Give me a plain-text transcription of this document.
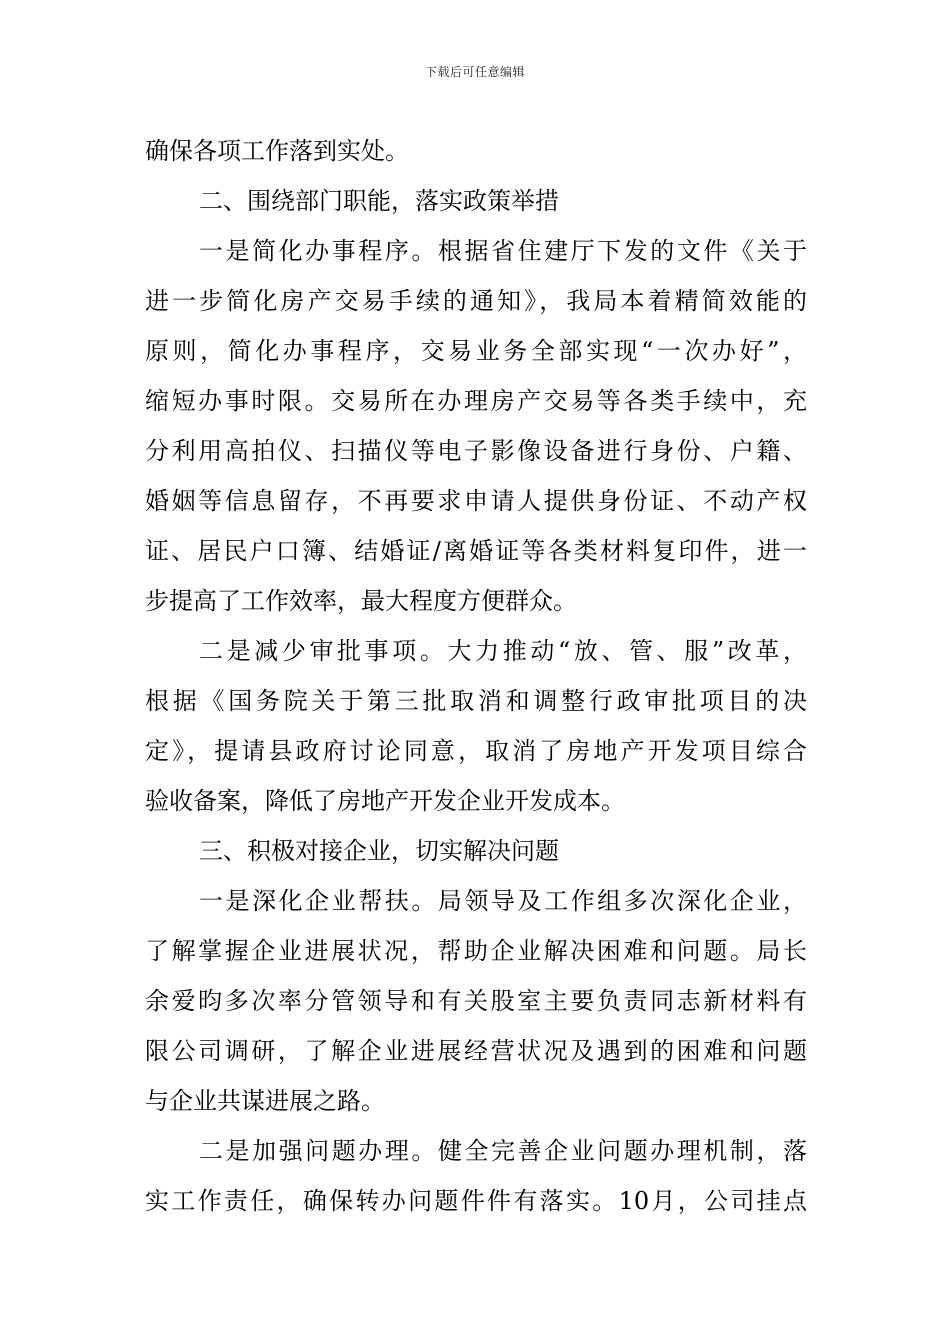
下载后可任意编辑
确保各项工作落到实处。
二、围绕部门职能，落实政策举措
一是简化办事程序。根据省住建厅下发的文件《关于
进一步简化房产交易手续的通知》，我局本着精简效能的
原则，简化办事程序，交易业务全部实现“一次办好”，
缩短办事时限。交易所在办理房产交易等各类手续中，充
分利用高拍仪、扫描仪等电子影像设备进行身份、户籍、
婚姻等信息留存，不再要求申请人提供身份证、不动产权
证、居民户口簿、结婚证/离婚证等各类材料复印件，进一
步提高了工作效率，最大程度方便群众。
二是减少审批事项。大力推动“放、管、服”改革，
根据《国务院关于第三批取消和调整行政审批项目的决
定》，提请县政府讨论同意，取消了房地产开发项目综合
验收备案，降低了房地产开发企业开发成本。
三、积极对接企业，切实解决问题
一是深化企业帮扶。局领导及工作组多次深化企业，
了解掌握企业进展状况，帮助企业解决困难和问题。局长
余爱昀多次率分管领导和有关股室主要负责同志新材料有
限公司调研，了解企业进展经营状况及遇到的困难和问题
与企业共谋进展之路。
二是加强问题办理。健全完善企业问题办理机制，落
实工作责任，确保转办问题件件有落实。10月，公司挂点
